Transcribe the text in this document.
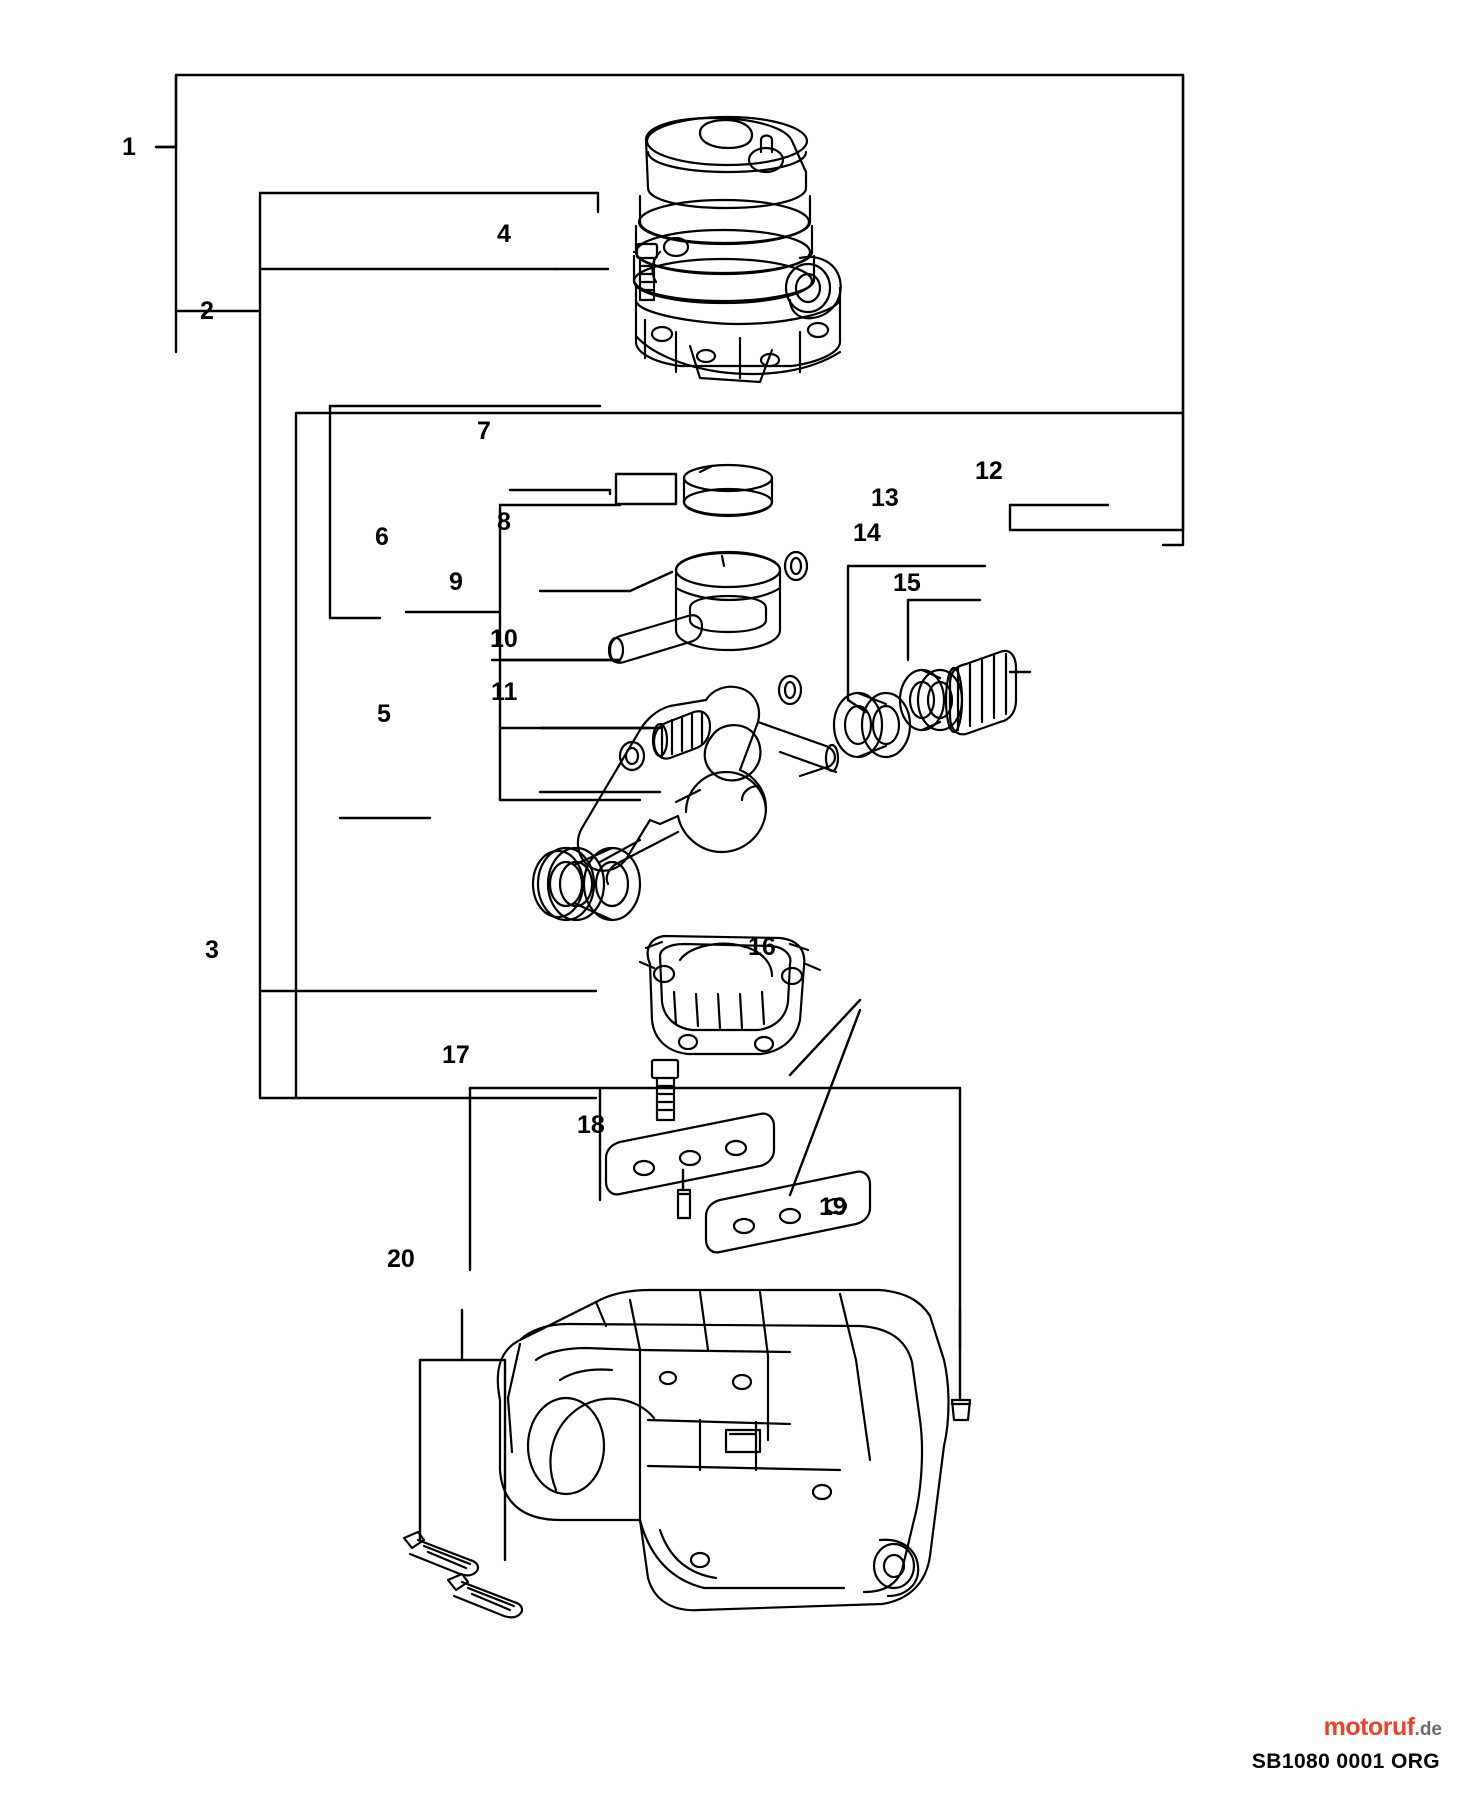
1
2
3
4
5
6
7
8
9
10
11
12
13
14
15
16
17
18
19
20
motoruf.de
SB1080 0001 ORG
